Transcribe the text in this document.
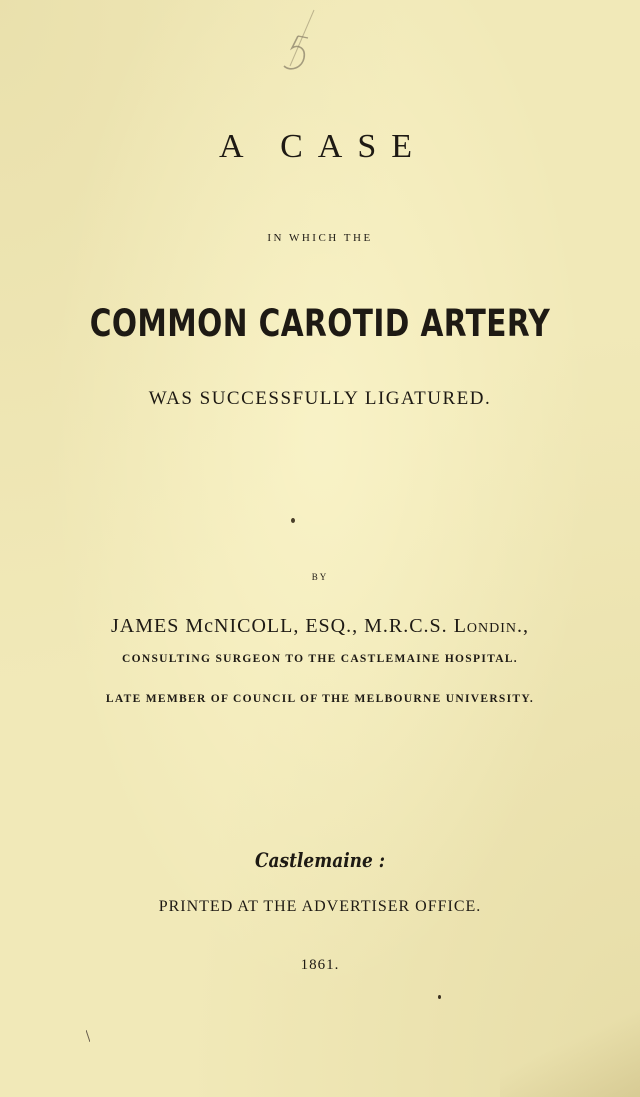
A CASE
IN WHICH THE
COMMON CAROTID ARTERY
WAS SUCCESSFULLY LIGATURED.
BY
JAMES McNICOLL, ESQ., M.R.C.S. Londin.,
CONSULTING SURGEON TO THE CASTLEMAINE HOSPITAL.
LATE MEMBER OF COUNCIL OF THE MELBOURNE UNIVERSITY.
Castlemaine :
PRINTED AT THE ADVERTISER OFFICE.
1861.
